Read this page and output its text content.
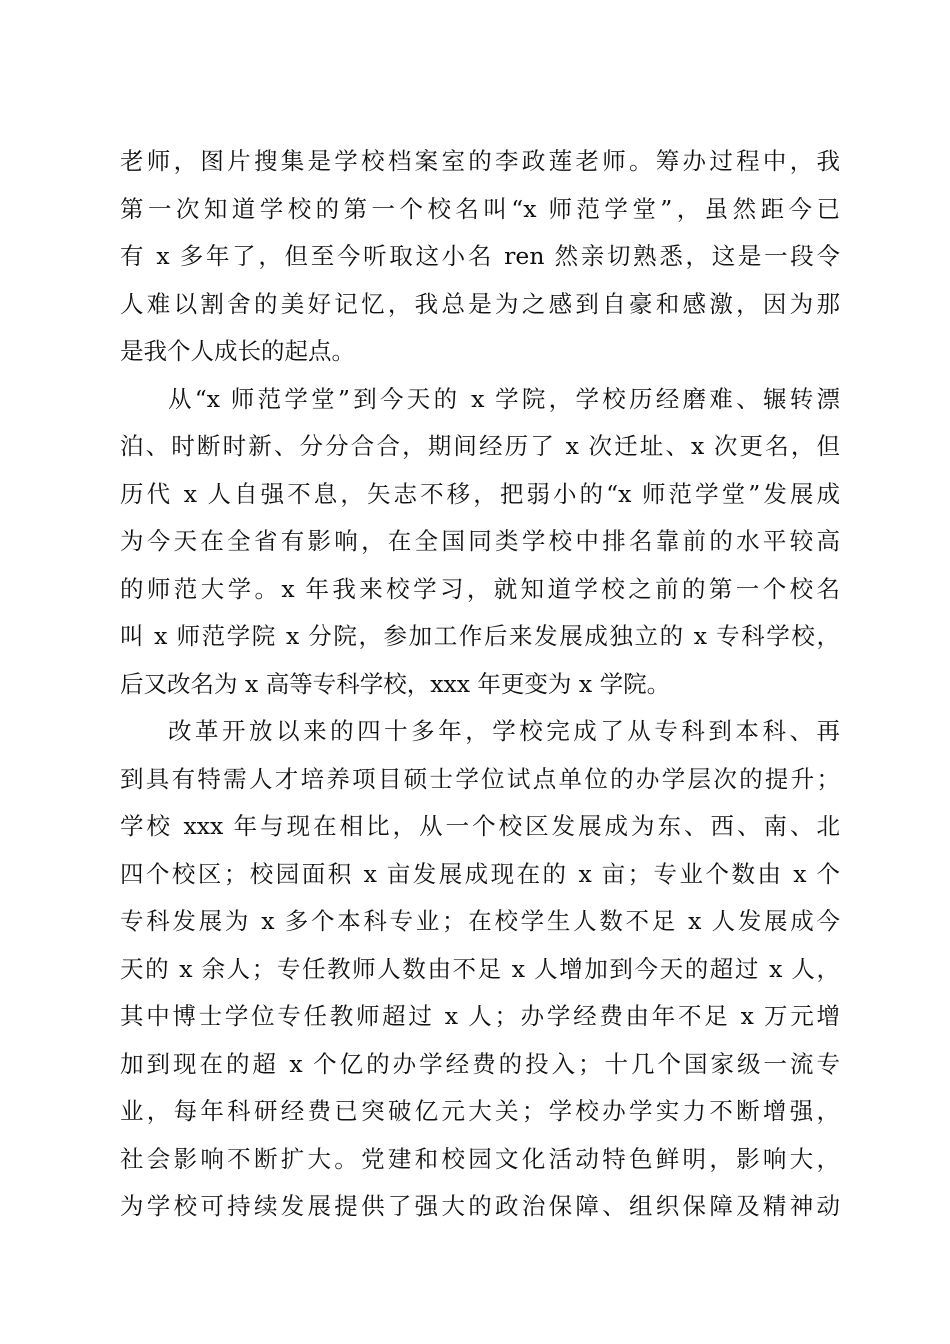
老师，图片搜集是学校档案室的李政莲老师。筹办过程中，我
第一次知道学校的第一个校名叫“x 师范学堂”，虽然距今已
有 x 多年了，但至今听取这小名 ren 然亲切熟悉，这是一段令
人难以割舍的美好记忆，我总是为之感到自豪和感激，因为那
是我个人成长的起点。
从“x 师范学堂”到今天的 x 学院，学校历经磨难、辗转漂
泊、时断时新、分分合合，期间经历了 x 次迁址、x 次更名，但
历代 x 人自强不息，矢志不移，把弱小的“x 师范学堂”发展成
为今天在全省有影响，在全国同类学校中排名靠前的水平较高
的师范大学。x 年我来校学习，就知道学校之前的第一个校名
叫 x 师范学院 x 分院，参加工作后来发展成独立的 x 专科学校，
后又改名为 x 高等专科学校，xxx 年更变为 x 学院。
改革开放以来的四十多年，学校完成了从专科到本科、再
到具有特需人才培养项目硕士学位试点单位的办学层次的提升；
学校 xxx 年与现在相比，从一个校区发展成为东、西、南、北
四个校区；校园面积 x 亩发展成现在的 x 亩；专业个数由 x 个
专科发展为 x 多个本科专业；在校学生人数不足 x 人发展成今
天的 x 余人；专任教师人数由不足 x 人增加到今天的超过 x 人，
其中博士学位专任教师超过 x 人；办学经费由年不足 x 万元增
加到现在的超 x 个亿的办学经费的投入；十几个国家级一流专
业，每年科研经费已突破亿元大关；学校办学实力不断增强，
社会影响不断扩大。党建和校园文化活动特色鲜明，影响大，
为学校可持续发展提供了强大的政治保障、组织保障及精神动
